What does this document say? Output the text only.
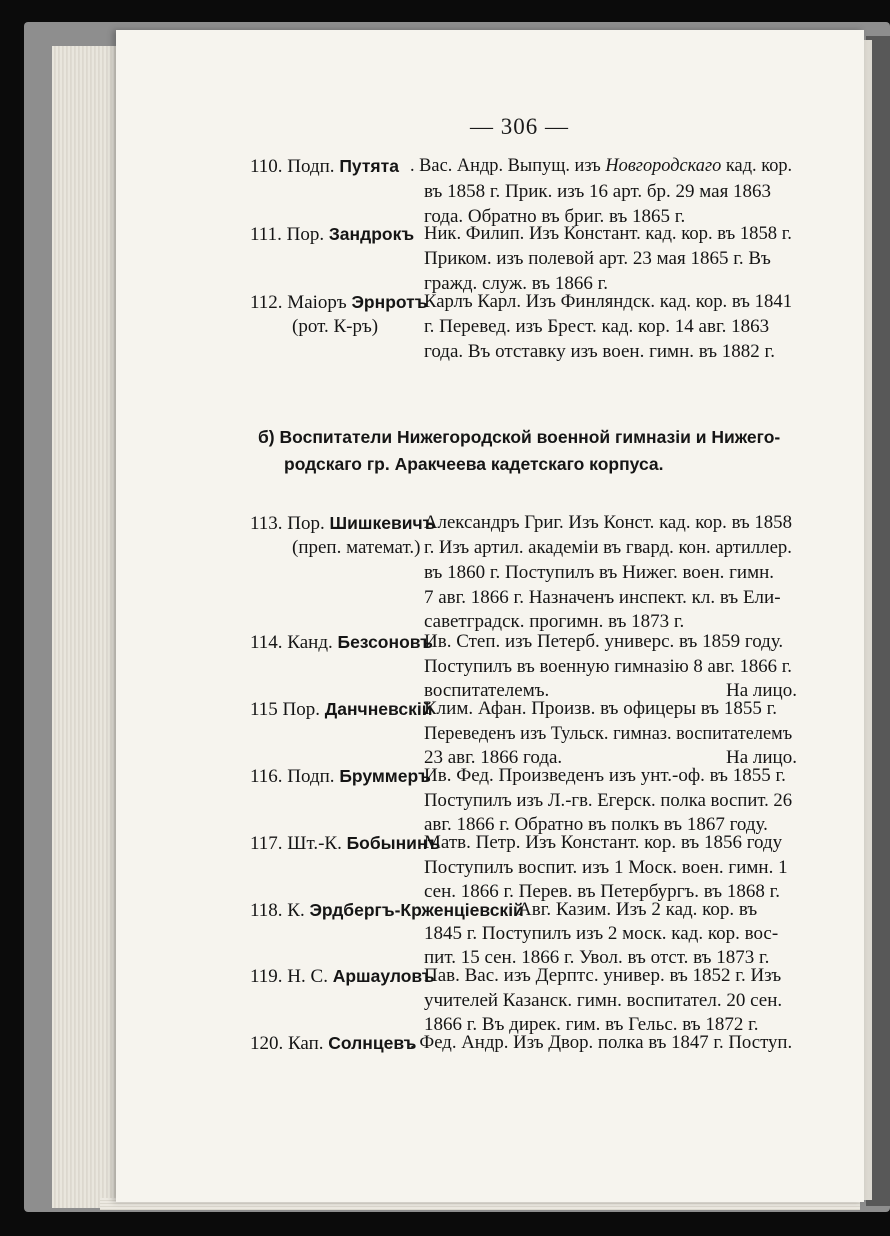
— 306 —
110. Подп. Путята . Вас. Андр. Выпущ. изъ Новгородскаго кад. кор.
въ 1858 г. Прик. изъ 16 арт. бр. 29 мая 1863
года. Обратно въ бриг. въ 1865 г.
111. Пор. Зандрокъ Ник. Филип. Изъ Констант. кад. кор. въ 1858 г.
Приком. изъ полевой арт. 23 мая 1865 г. Въ
гражд. служ. въ 1866 г.
112. Маіоръ Эрнротъ
(рот. К-ръ)
Карлъ Карл. Изъ Финляндск. кад. кор. въ 1841
г. Перевед. изъ Брест. кад. кор. 14 авг. 1863
года. Въ отставку изъ воен. гимн. въ 1882 г.
б) Воспитатели Нижегородской военной гимназіи и Нижего-
родскаго гр. Аракчеева кадетскаго корпуса.
113. Пор. Шишкевичъ
(преп. математ.)
Александръ Григ. Изъ Конст. кад. кор. въ 1858
г. Изъ артил. академіи въ гвард. кон. артиллер.
въ 1860 г. Поступилъ въ Нижег. воен. гимн.
7 авг. 1866 г. Назначенъ инспект. кл. въ Ели-
саветградск. прогимн. въ 1873 г.
114. Канд. Безсоновъ
Ив. Степ. изъ Петерб. универс. въ 1859 году.
Поступилъ въ военную гимназію 8 авг. 1866 г.
воспитателемъ.	На лицо.
115 Пор. Данчневскій
Клим. Афан. Произв. въ офицеры въ 1855 г.
Переведенъ изъ Тульск. гимназ. воспитателемъ
23 авг. 1866 года.	На лицо.
116. Подп. Бруммеръ
Ив. Фед. Произведенъ изъ унт.-оф. въ 1855 г.
Поступилъ изъ Л.-гв. Егерск. полка воспит. 26
авг. 1866 г. Обратно въ полкъ въ 1867 году.
117. Шт.-К. Бобынинъ
Матв. Петр. Изъ Констант. кор. въ 1856 году
Поступилъ воспит. изъ 1 Моск. воен. гимн. 1
сен. 1866 г. Перев. въ Петербургъ. въ 1868 г.
118. К. Эрдбергъ-Крженціевскій
Авг. Казим. Изъ 2 кад. кор. въ
1845 г. Поступилъ изъ 2 моск. кад. кор. вос-
пит. 15 сен. 1866 г. Увол. въ отст. въ 1873 г.
119. Н. С. Аршауловъ
Пав. Вас. изъ Дерптс. универ. въ 1852 г. Изъ
учителей Казанск. гимн. воспитател. 20 сен.
1866 г. Въ дирек. гим. въ Гельс. въ 1872 г.
120. Кап. Солнцевъ
. Фед. Андр. Изъ Двор. полка въ 1847 г. Поступ.
